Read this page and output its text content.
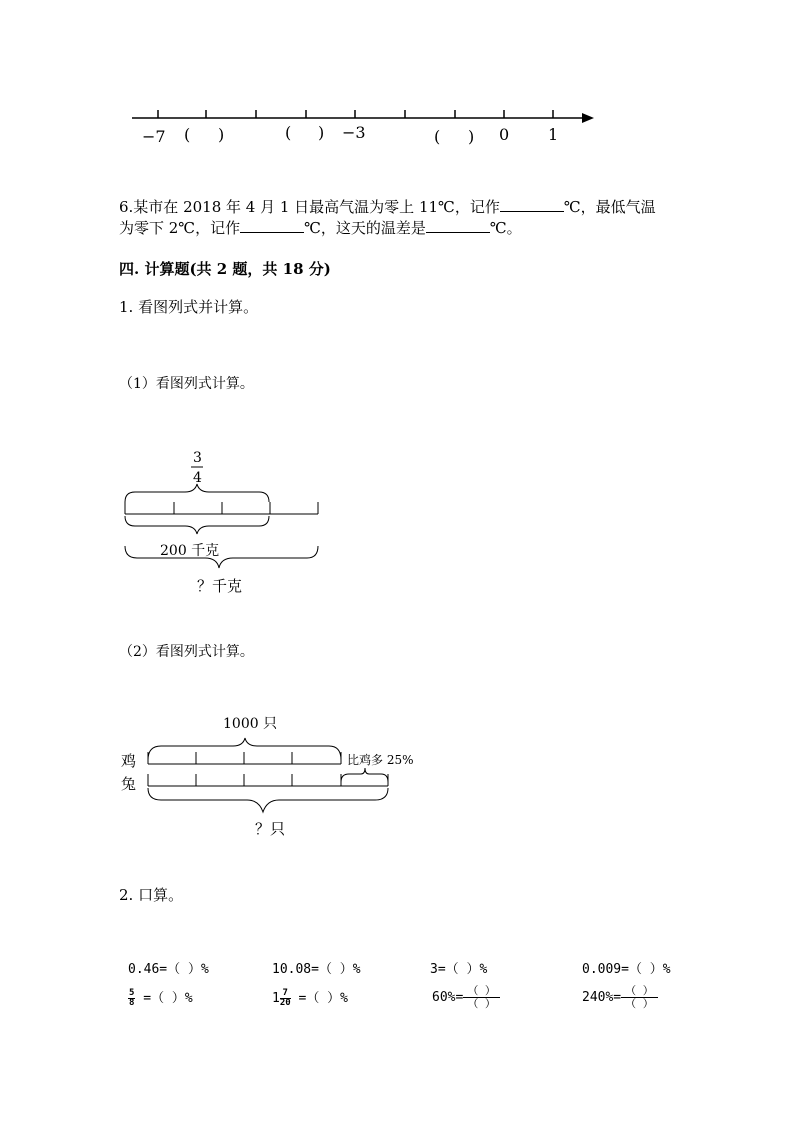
−7 ( )	( ) −3	( ) 0 1
6.某市在 2018 年 4 月 1 日最高气温为零上 11℃，记作	℃，最低气温
为零下 2℃，记作	℃，这天的温差是	℃。
四. 计算题(共 2 题，共 18 分)
1. 看图列式并计算。
（1）看图列式计算。
3
4
200 千克
？千克
（2）看图列式计算。
1000 只
鸡
兔
比鸡多 25%
？只
2. 口算。
0.46=（ ）%	10.08=（ ）%	3=（ ）%	0.009=（ ）%
$\frac{5}{8}$ =（ ）%	$1 \frac{7}{20}$ =（ ）%	$60\%= \frac{( )}{( )}$	$240\%= \frac{( )}{( )}$
